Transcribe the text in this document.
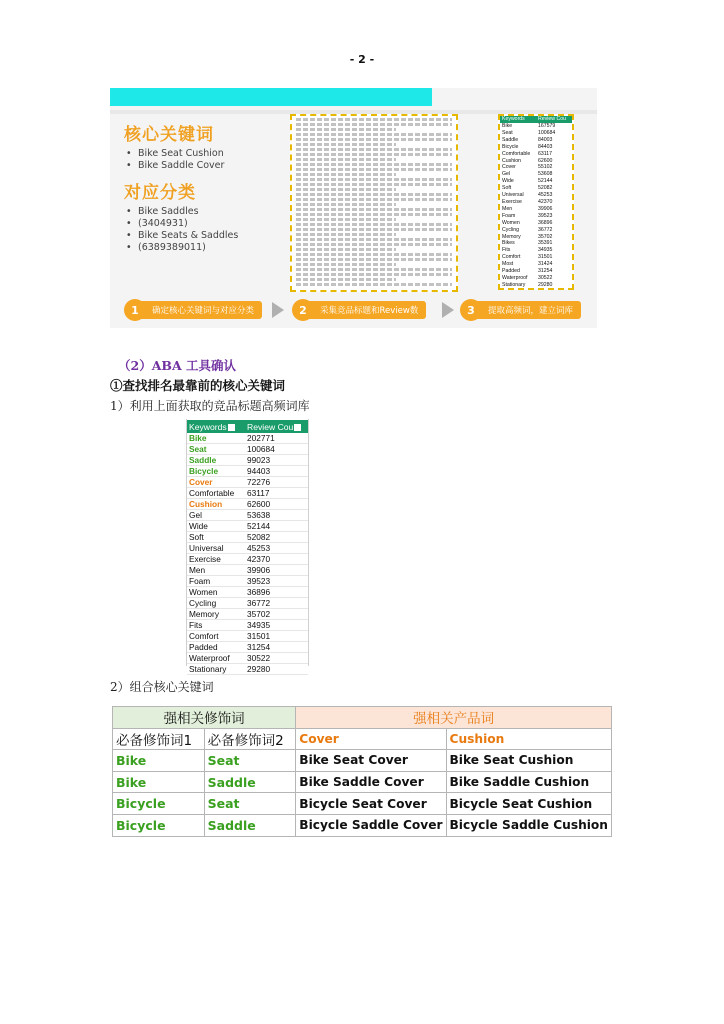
- 2 -
核心关键词
• Bike Seat Cushion
• Bike Saddle Cover
对应分类
• Bike Saddles
• (3404931)
• Bike Seats & Saddles
• (6389389011)
Keywords	Review Cou
Bike	167579
Seat	100684
Saddle	84003
Bicycle	84403
Comfortable	63117
Cushion	62600
Cover	55102
Gel	53608
Wide	52144
Soft	52082
Universal	45253
Exercise	42370
Men	39906
Foam	39523
Women	36896
Cycling	36772
Memory	35702
Bikes	35391
Fits	34935
Comfort	31501
Most	31424
Padded	31254
Waterproof	30522
Stationary	29280
1	确定核心关键词与对应分类	2	采集竞品标题和Review数	3	提取高频词，建立词库
（2）ABA 工具确认
①查找排名最靠前的核心关键词
1）利用上面获取的竞品标题高频词库
Keywords	Review Cou
Bike	202771
Seat	100684
Saddle	99023
Bicycle	94403
Cover	72276
Comfortable	63117
Cushion	62600
Gel	53638
Wide	52144
Soft	52082
Universal	45253
Exercise	42370
Men	39906
Foam	39523
Women	36896
Cycling	36772
Memory	35702
Fits	34935
Comfort	31501
Padded	31254
Waterproof	30522
Stationary	29280
2）组合核心关键词
强相关修饰词		强相关产品词	
必备修饰词1	必备修饰词2	Cover	Cushion
Bike	Seat	Bike Seat Cover	Bike Seat Cushion
Bike	Saddle	Bike Saddle Cover	Bike Saddle Cushion
Bicycle	Seat	Bicycle Seat Cover	Bicycle Seat Cushion
Bicycle	Saddle	Bicycle Saddle Cover	Bicycle Saddle Cushion
